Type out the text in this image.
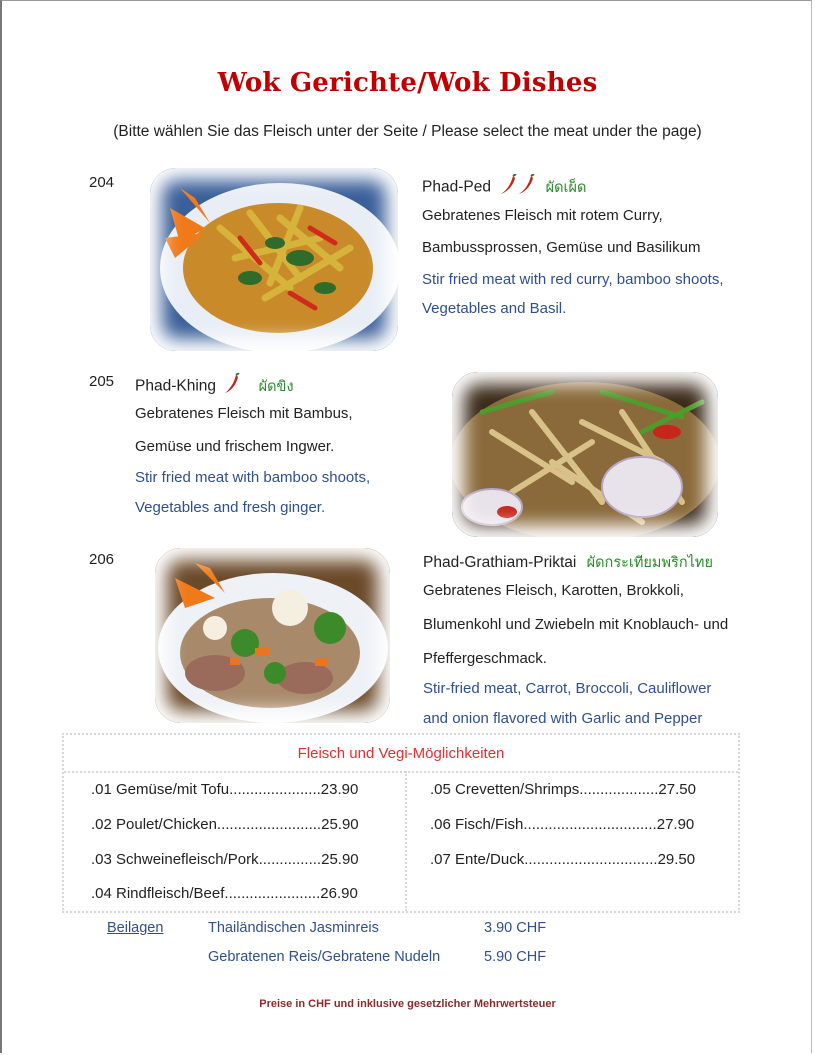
Wok Gerichte/Wok Dishes
(Bitte wählen Sie das Fleisch unter der Seite / Please select the meat under the page)
204	Phad-Ped	ผัดเผ็ด
Gebratenes Fleisch mit rotem Curry,
Bambussprossen, Gemüse und Basilikum
Stir fried meat with red curry, bamboo shoots,
Vegetables and Basil.
205 Phad-Khing	ผัดขิง
Gebratenes Fleisch mit Bambus,
Gemüse und frischem Ingwer.
Stir fried meat with bamboo shoots,
Vegetables and fresh ginger.
206	Phad-Grathiam-Priktai ผัดกระเทียมพริกไทย
Gebratenes Fleisch, Karotten, Brokkoli,
Blumenkohl und Zwiebeln mit Knoblauch- und
Pfeffergeschmack.
Stir-fried meat, Carrot, Broccoli, Cauliflower
and onion flavored with Garlic and Pepper
Fleisch und Vegi-Möglichkeiten
.01 Gemüse/mit Tofu......................23.90
.02 Poulet/Chicken.........................25.90
.03 Schweinefleisch/Pork...............25.90
.04 Rindfleisch/Beef.......................26.90
.05 Crevetten/Shrimps...................27.50
.06 Fisch/Fish................................27.90
.07 Ente/Duck................................29.50
Beilagen	Thailändischen Jasminreis	3.90 CHF
Gebratenen Reis/Gebratene Nudeln	5.90 CHF
Preise in CHF und inklusive gesetzlicher Mehrwertsteuer
